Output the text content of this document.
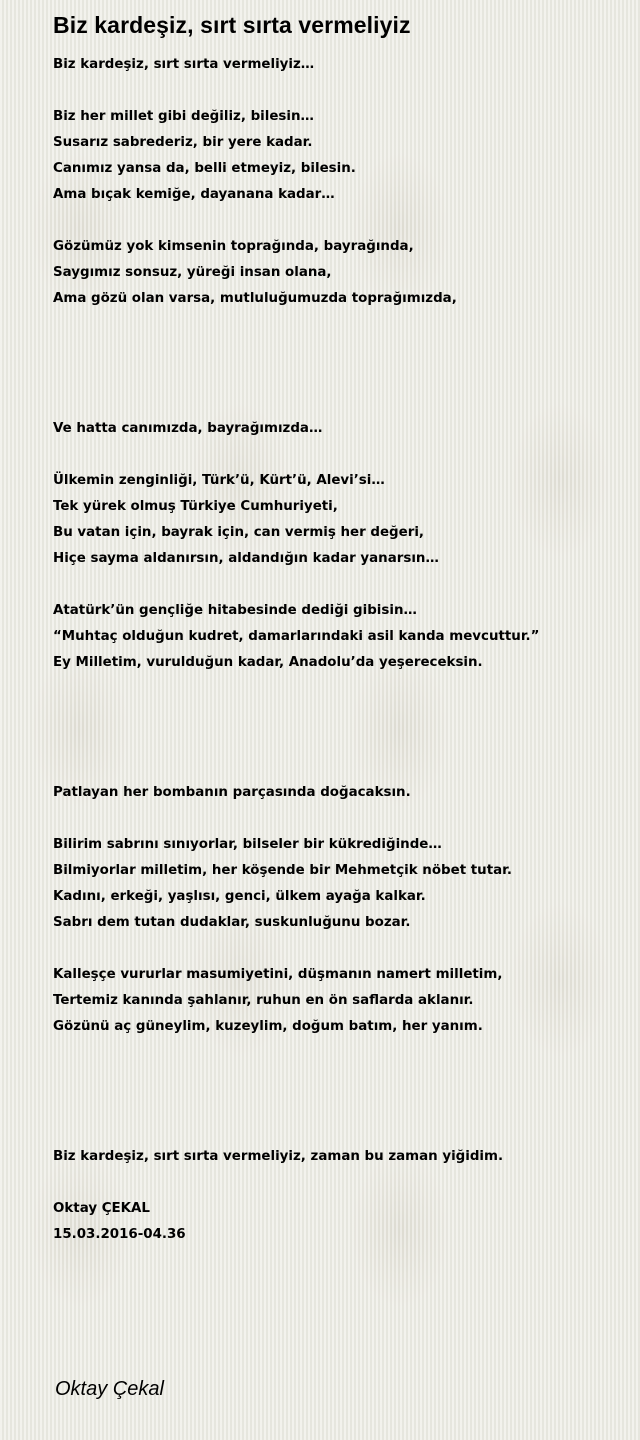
Biz kardeşiz, sırt sırta vermeliyiz
Biz kardeşiz, sırt sırta vermeliyiz…
Biz her millet gibi değiliz, bilesin…
Susarız sabrederiz, bir yere kadar.
Canımız yansa da, belli etmeyiz, bilesin.
Ama bıçak kemiğe, dayanana kadar…
Gözümüz yok kimsenin toprağında, bayrağında,
Saygımız sonsuz, yüreği insan olana,
Ama gözü olan varsa, mutluluğumuzda toprağımızda,
Ve hatta canımızda, bayrağımızda…
Ülkemin zenginliği, Türk’ü, Kürt’ü, Alevi’si…
Tek yürek olmuş Türkiye Cumhuriyeti,
Bu vatan için, bayrak için, can vermiş her değeri,
Hiçe sayma aldanırsın, aldandığın kadar yanarsın…
Atatürk’ün gençliğe hitabesinde dediği gibisin…
“Muhtaç olduğun kudret, damarlarındaki asil kanda mevcuttur.”
Ey Milletim, vurulduğun kadar, Anadolu’da yeşereceksin.
Patlayan her bombanın parçasında doğacaksın.
Bilirim sabrını sınıyorlar, bilseler bir kükrediğinde…
Bilmiyorlar milletim, her köşende bir Mehmetçik nöbet tutar.
Kadını, erkeği, yaşlısı, genci, ülkem ayağa kalkar.
Sabrı dem tutan dudaklar, suskunluğunu bozar.
Kalleşçe vururlar masumiyetini, düşmanın namert milletim,
Tertemiz kanında şahlanır, ruhun en ön saflarda aklanır.
Gözünü aç güneylim, kuzeylim, doğum batım, her yanım.
Biz kardeşiz, sırt sırta vermeliyiz, zaman bu zaman yiğidim.
Oktay ÇEKAL
15.03.2016-04.36
Oktay Çekal
